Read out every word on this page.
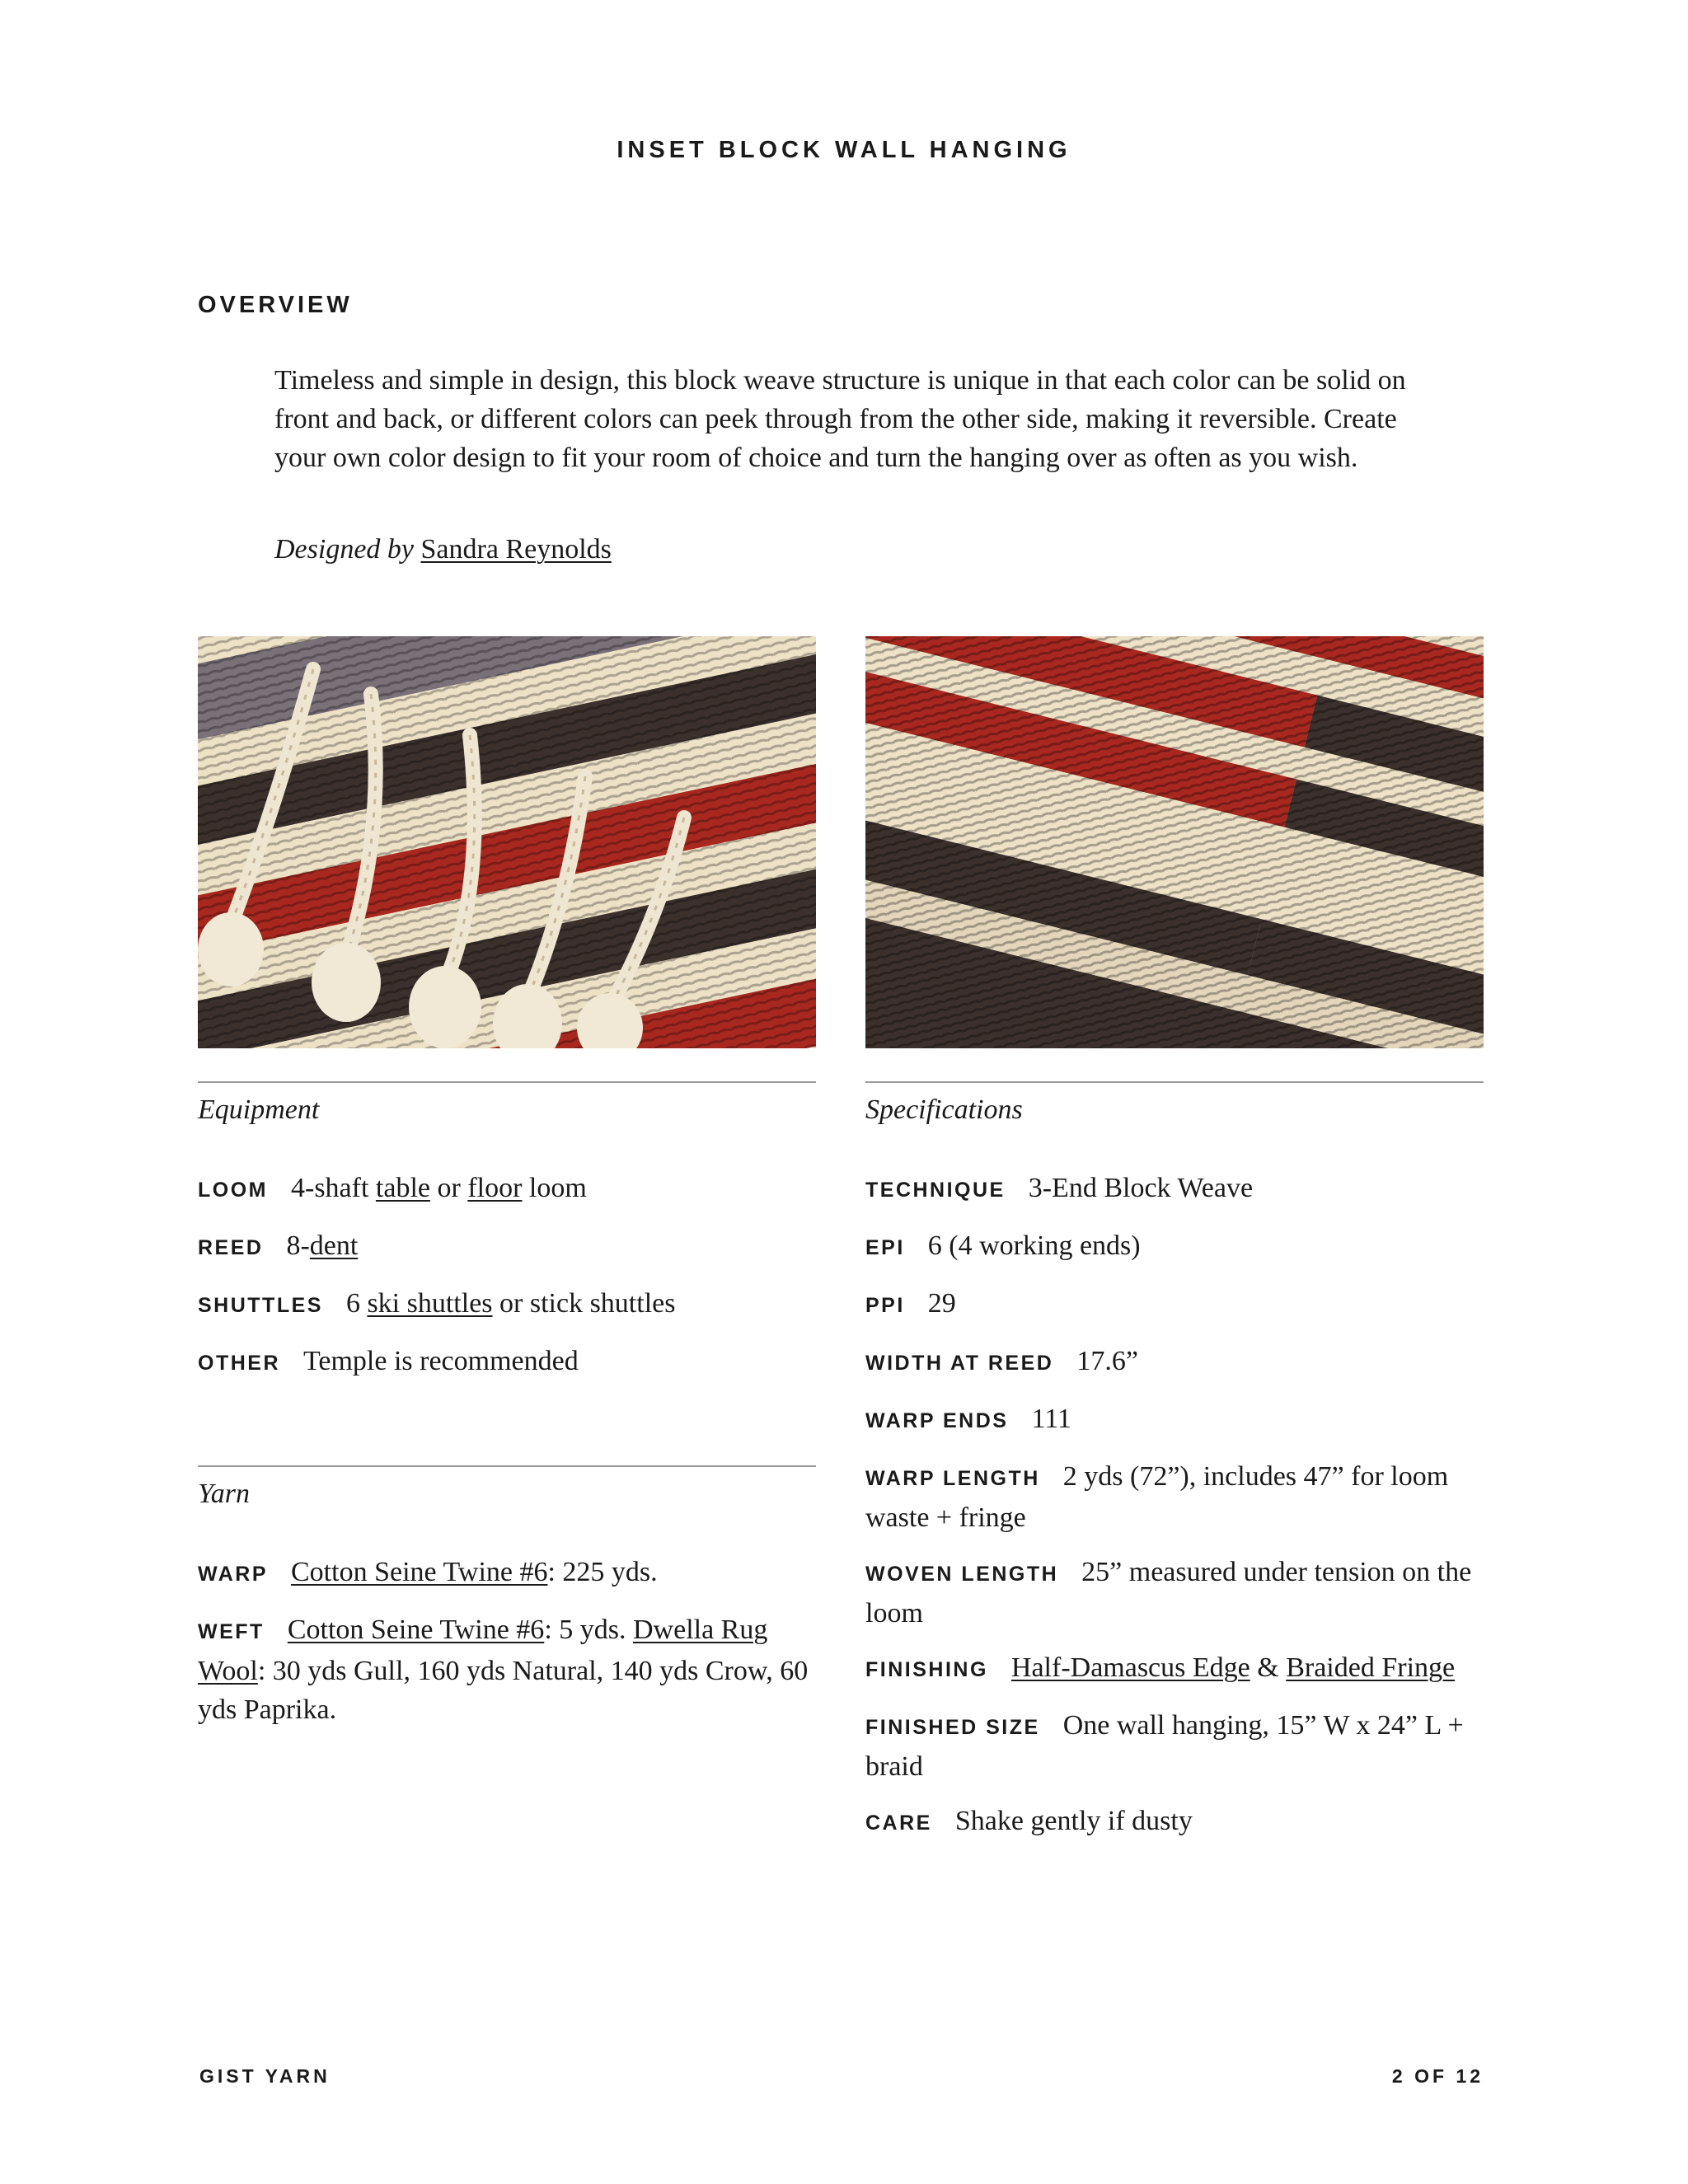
INSET BLOCK WALL HANGING
OVERVIEW

Timeless and simple in design, this block weave structure is unique in that each color can be solid on front and back, or different colors can peek through from the other side, making it reversible. Create your own color design to fit your room of choice and turn the hanging over as often as you wish.

Designed by Sandra Reynolds

Equipment

LOOM 4-shaft table or floor loom

REED 8-dent

SHUTTLES 6 ski shuttles or stick shuttles

OTHER Temple is recommended

Yarn

WARP Cotton Seine Twine #6: 225 yds.

WEFT Cotton Seine Twine #6: 5 yds. Dwella Rug Wool: 30 yds Gull, 160 yds Natural, 140 yds Crow, 60 yds Paprika.

Specifications

TECHNIQUE 3-End Block Weave

EPI 6 (4 working ends)

PPI 29

WIDTH AT REED 17.6”

WARP ENDS 111

WARP LENGTH 2 yds (72”), includes 47” for loom waste + fringe

WOVEN LENGTH 25” measured under tension on the loom

FINISHING Half-Damascus Edge & Braided Fringe

FINISHED SIZE One wall hanging, 15” W x 24” L + braid

CARE Shake gently if dusty

GIST YARN	2 OF 12
